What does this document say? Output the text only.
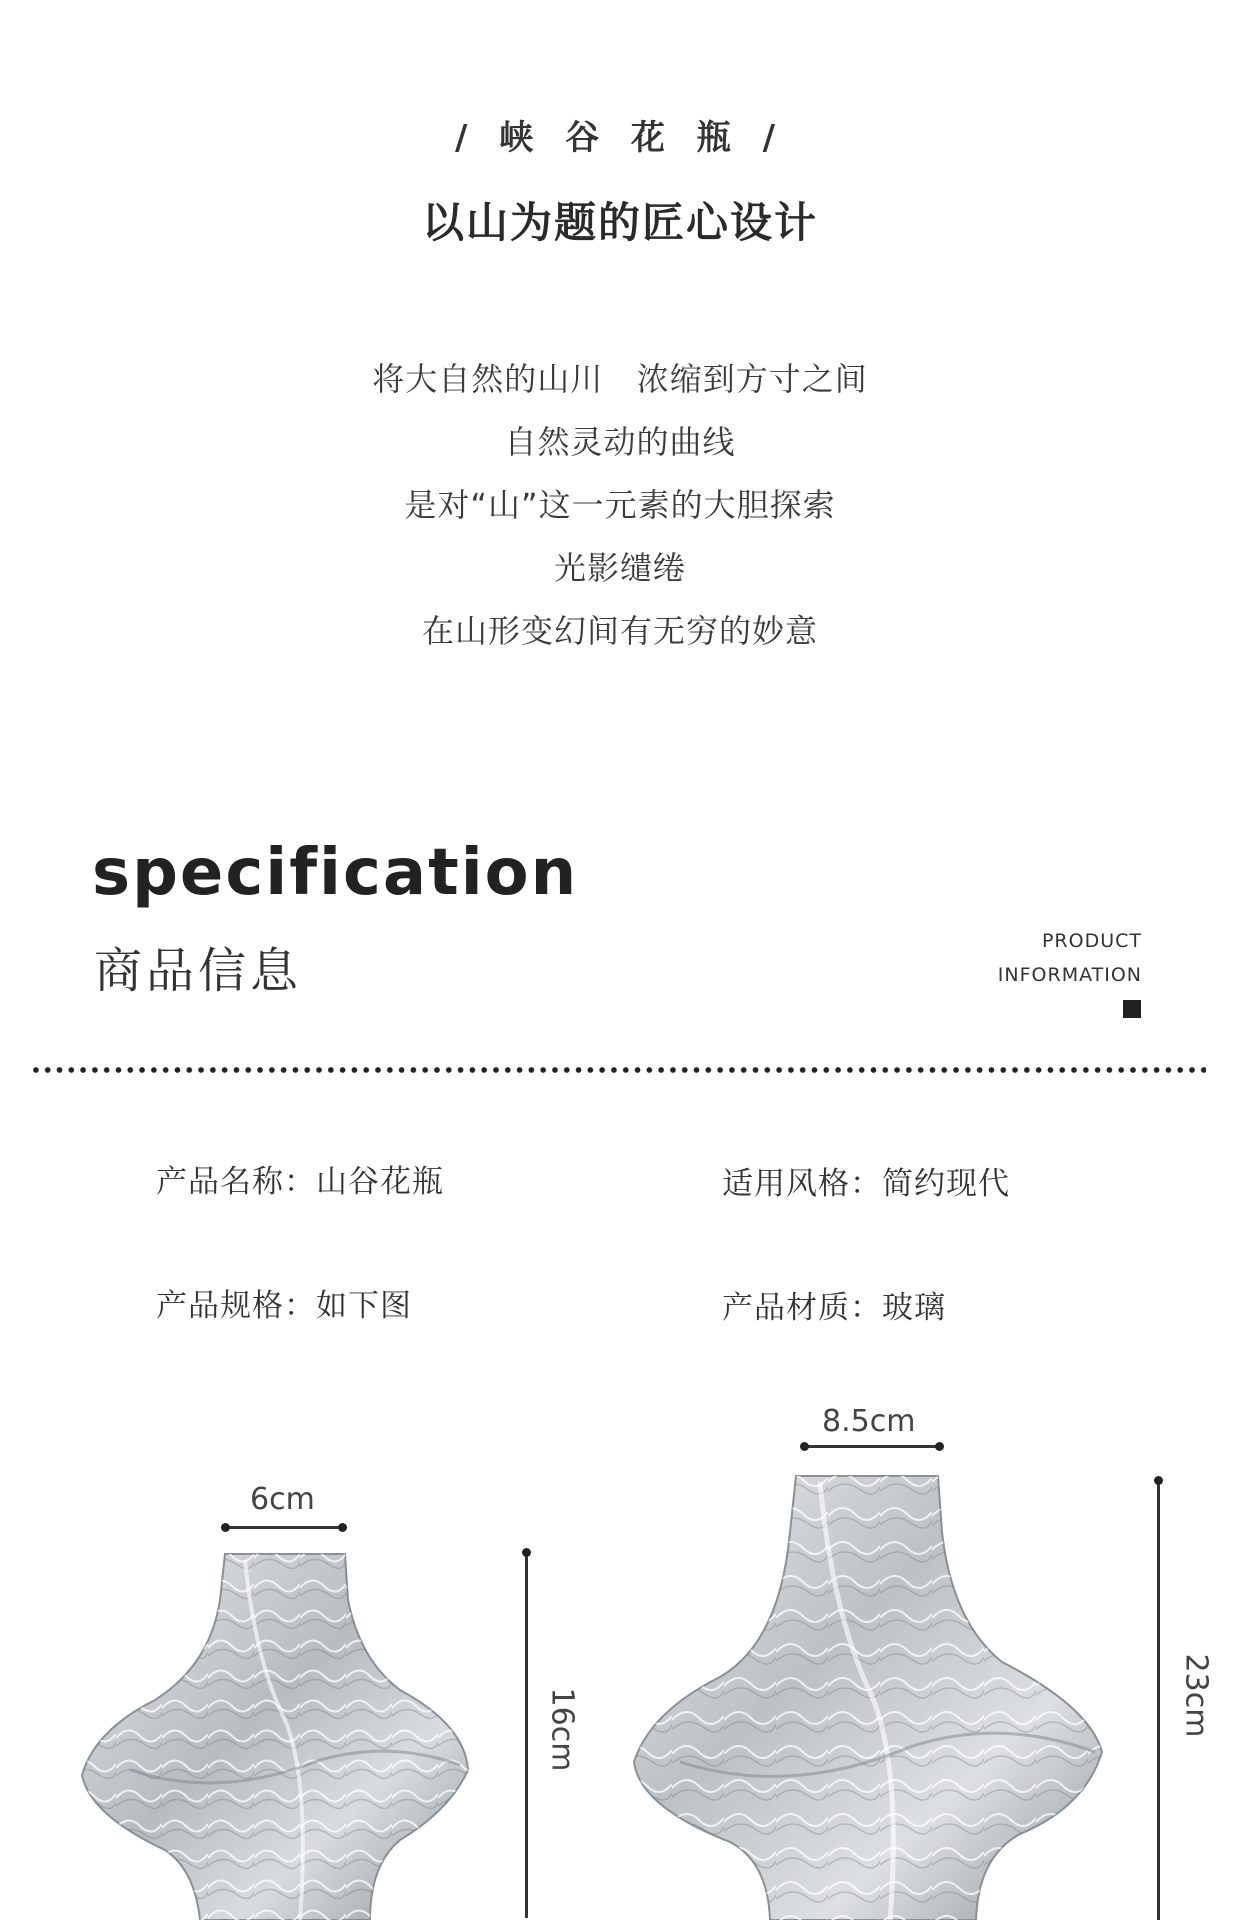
/ 峡 谷 花 瓶 /
以山为题的匠心设计
将大自然的山川   浓缩到方寸之间
自然灵动的曲线
是对“山”这一元素的大胆探索
光影缱绻
在山形变幻间有无穷的妙意
specification
商品信息
PRODUCT
INFORMATION
产品名称：山谷花瓶	适用风格：简约现代
产品规格：如下图	产品材质：玻璃
6cm
16cm
8.5cm
23cm
